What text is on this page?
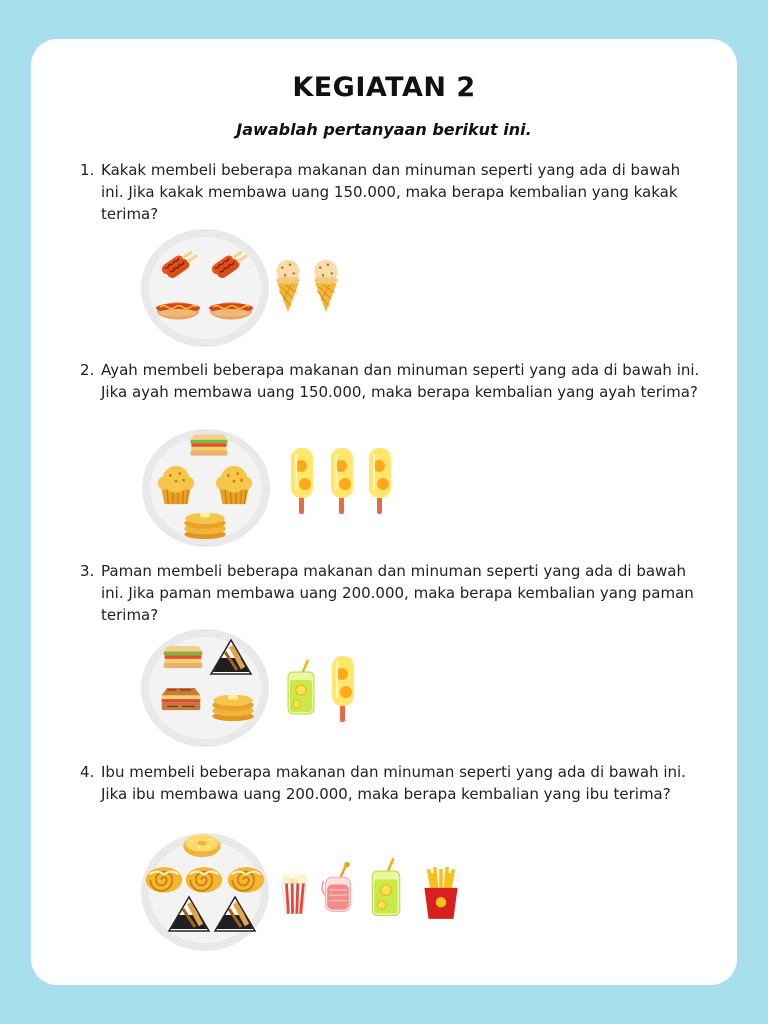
KEGIATAN 2
Jawablah pertanyaan berikut ini.
1. Kakak membeli beberapa makanan dan minuman seperti yang ada di bawah ini. Jika kakak membawa uang 150.000, maka berapa kembalian yang kakak terima?
2. Ayah membeli beberapa makanan dan minuman seperti yang ada di bawah ini. Jika ayah membawa uang 150.000, maka berapa kembalian yang ayah terima?
3. Paman membeli beberapa makanan dan minuman seperti yang ada di bawah ini. Jika paman membawa uang 200.000, maka berapa kembalian yang paman terima?
4. Ibu membeli beberapa makanan dan minuman seperti yang ada di bawah ini. Jika ibu membawa uang 200.000, maka berapa kembalian yang ibu terima?
